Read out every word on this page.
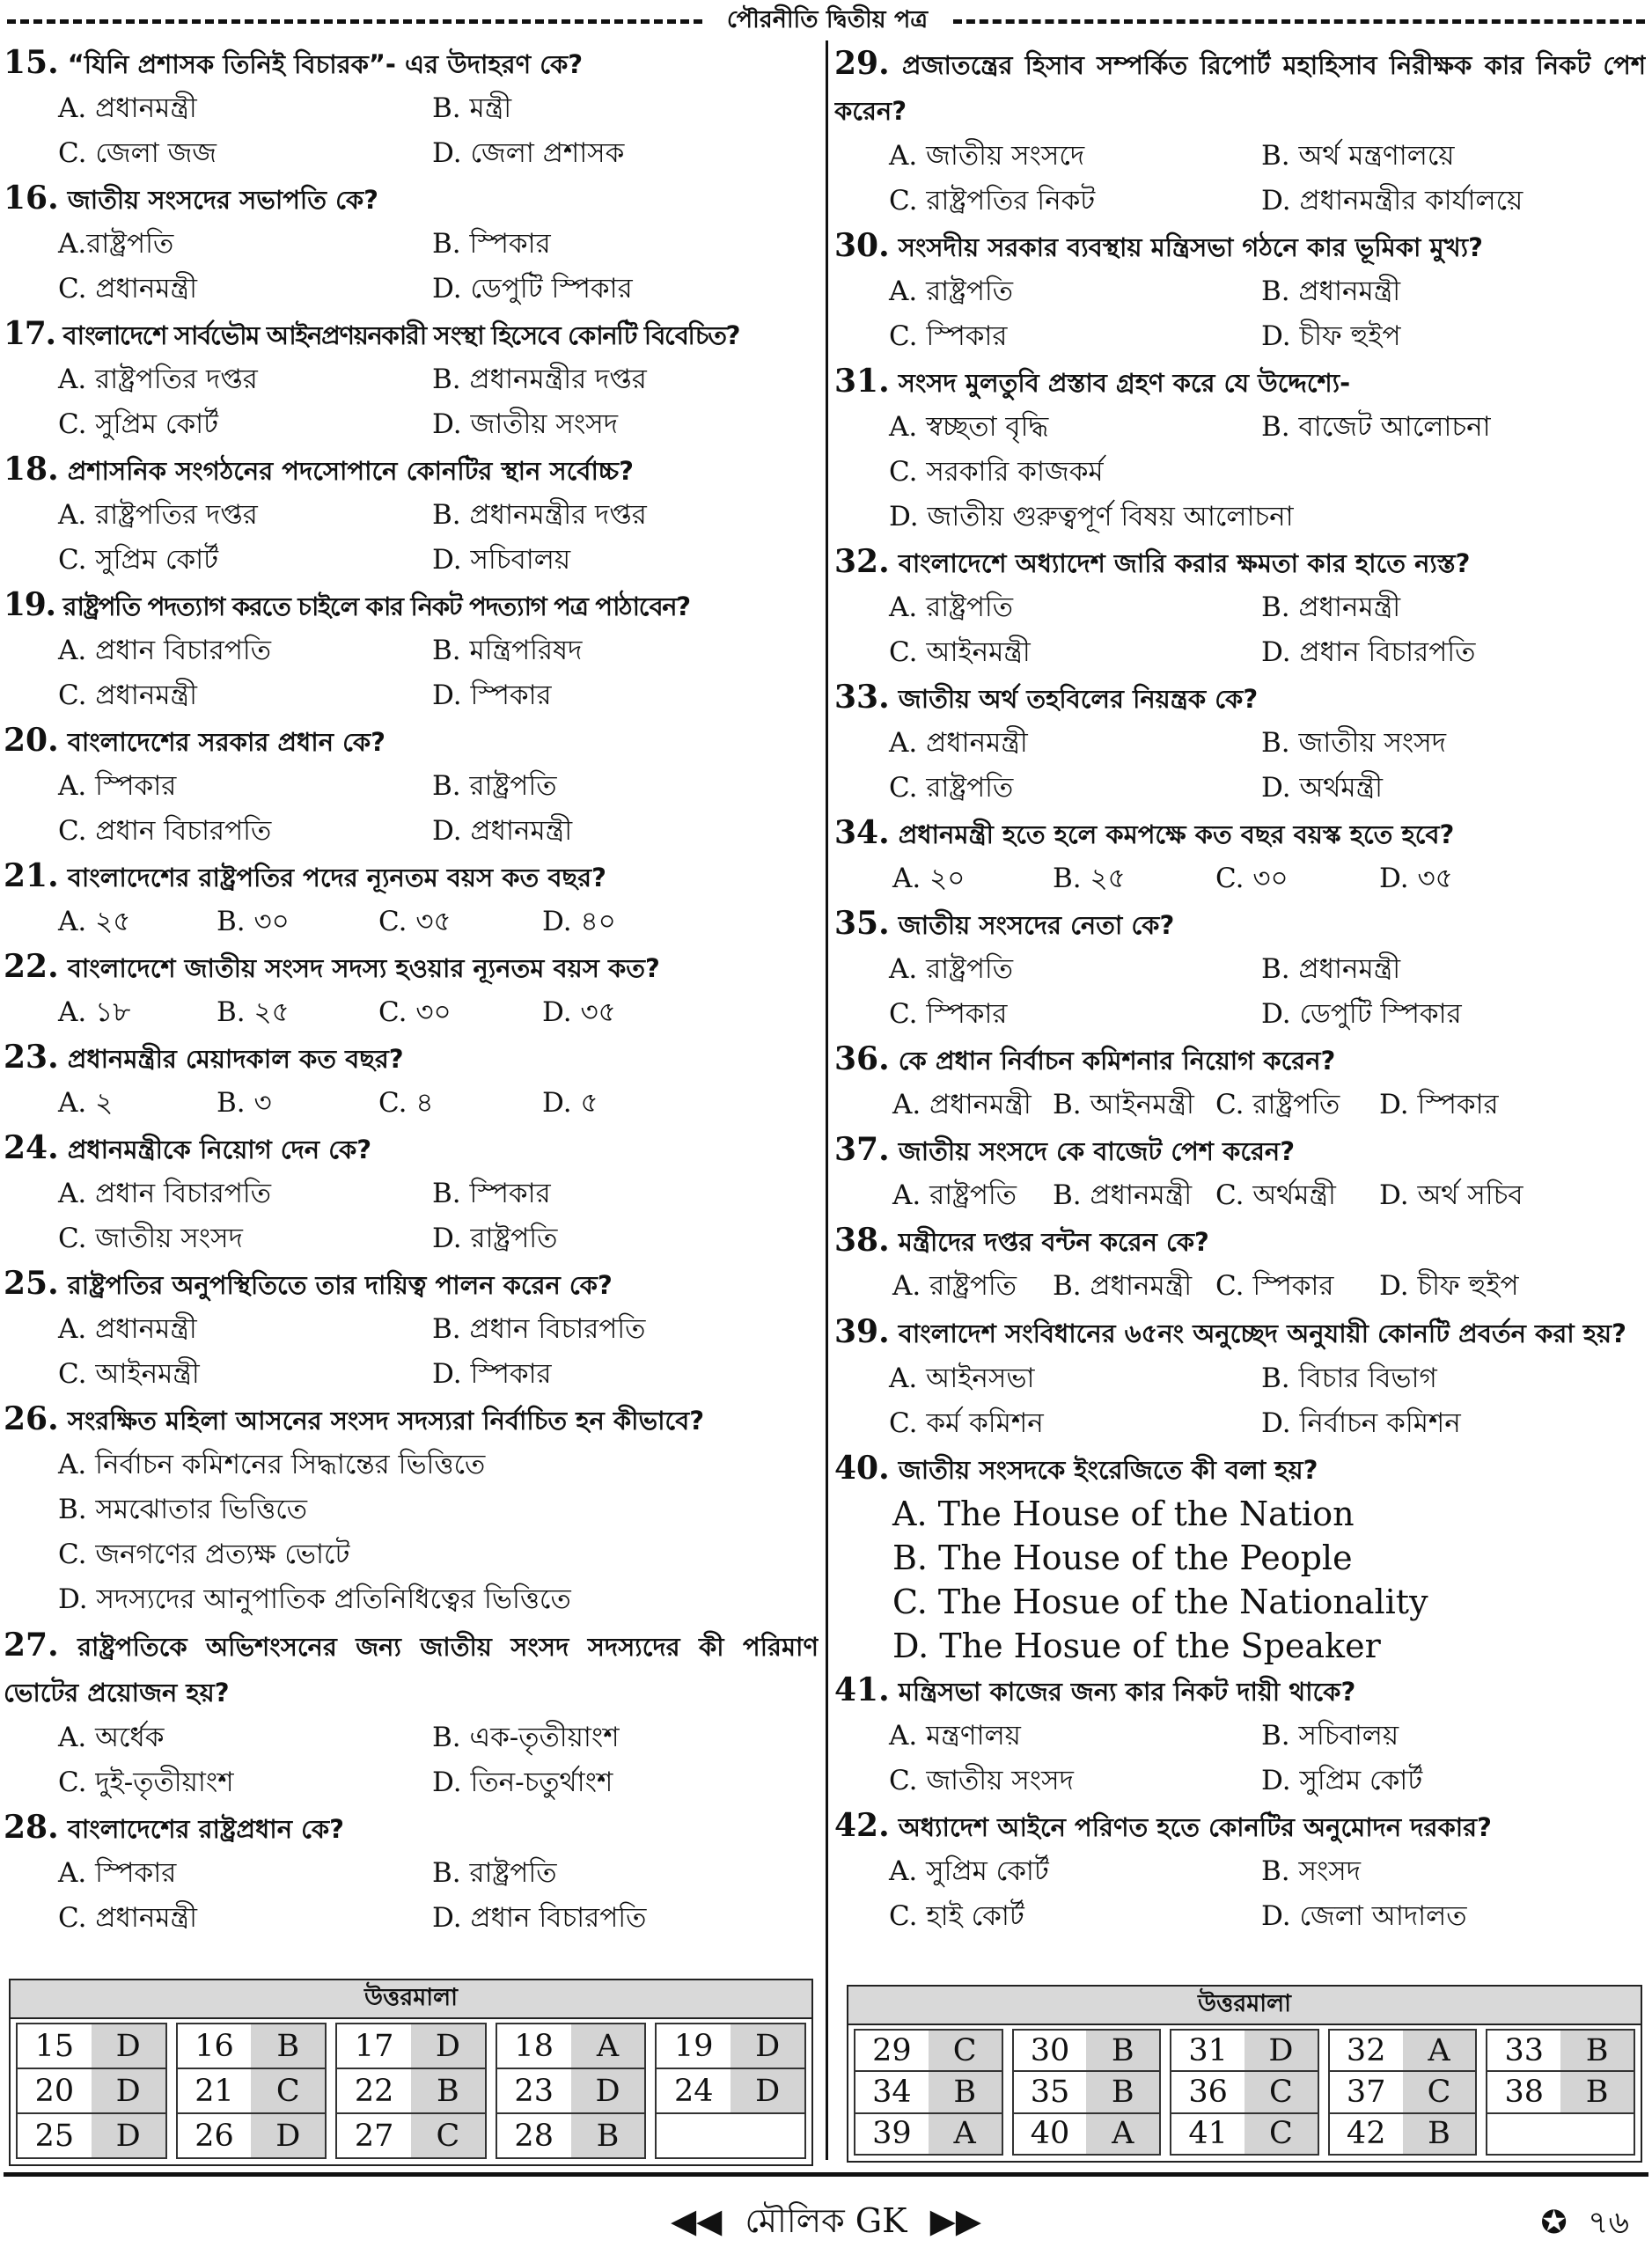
পৌরনীতি দ্বিতীয় পত্র
15. “যিনি প্রশাসক তিনিই বিচারক”- এর উদাহরণ কে?
A. প্রধানমন্ত্রী	B. মন্ত্রী
C. জেলা জজ	D. জেলা প্রশাসক
16. জাতীয় সংসদের সভাপতি কে?
A.রাষ্ট্রপতি	B. স্পিকার
C. প্রধানমন্ত্রী	D. ডেপুটি স্পিকার
17. বাংলাদেশে সার্বভৌম আইনপ্রণয়নকারী সংস্থা হিসেবে কোনটি বিবেচিত?
A. রাষ্ট্রপতির দপ্তর	B. প্রধানমন্ত্রীর দপ্তর
C. সুপ্রিম কোর্ট	D. জাতীয় সংসদ
18. প্রশাসনিক সংগঠনের পদসোপানে কোনটির স্থান সর্বোচ্চ?
A. রাষ্ট্রপতির দপ্তর	B. প্রধানমন্ত্রীর দপ্তর
C. সুপ্রিম কোর্ট	D. সচিবালয়
19. রাষ্ট্রপতি পদত্যাগ করতে চাইলে কার নিকট পদত্যাগ পত্র পাঠাবেন?
A. প্রধান বিচারপতি	B. মন্ত্রিপরিষদ
C. প্রধানমন্ত্রী	D. স্পিকার
20. বাংলাদেশের সরকার প্রধান কে?
A. স্পিকার	B. রাষ্ট্রপতি
C. প্রধান বিচারপতি	D. প্রধানমন্ত্রী
21. বাংলাদেশের রাষ্ট্রপতির পদের ন্যূনতম বয়স কত বছর?
A. ২৫	B. ৩০	C. ৩৫	D. ৪০
22. বাংলাদেশে জাতীয় সংসদ সদস্য হওয়ার ন্যূনতম বয়স কত?
A. ১৮	B. ২৫	C. ৩০	D. ৩৫
23. প্রধানমন্ত্রীর মেয়াদকাল কত বছর?
A. ২	B. ৩	C. ৪	D. ৫
24. প্রধানমন্ত্রীকে নিয়োগ দেন কে?
A. প্রধান বিচারপতি	B. স্পিকার
C. জাতীয় সংসদ	D. রাষ্ট্রপতি
25. রাষ্ট্রপতির অনুপস্থিতিতে তার দায়িত্ব পালন করেন কে?
A. প্রধানমন্ত্রী	B. প্রধান বিচারপতি
C. আইনমন্ত্রী	D. স্পিকার
26. সংরক্ষিত মহিলা আসনের সংসদ সদস্যরা নির্বাচিত হন কীভাবে?
A. নির্বাচন কমিশনের সিদ্ধান্তের ভিত্তিতে
B. সমঝোতার ভিত্তিতে
C. জনগণের প্রত্যক্ষ ভোটে
D. সদস্যদের আনুপাতিক প্রতিনিধিত্বের ভিত্তিতে
27. রাষ্ট্রপতিকে অভিশংসনের জন্য জাতীয় সংসদ সদস্যদের কী পরিমাণ ভোটের প্রয়োজন হয়?
A. অর্ধেক	B. এক-তৃতীয়াংশ
C. দুই-তৃতীয়াংশ	D. তিন-চতুর্থাংশ
28. বাংলাদেশের রাষ্ট্রপ্রধান কে?
A. স্পিকার	B. রাষ্ট্রপতি
C. প্রধানমন্ত্রী	D. প্রধান বিচারপতি
29. প্রজাতন্ত্রের হিসাব সম্পর্কিত রিপোর্ট মহাহিসাব নিরীক্ষক কার নিকট পেশ করেন?
A. জাতীয় সংসদে	B. অর্থ মন্ত্রণালয়ে
C. রাষ্ট্রপতির নিকট	D. প্রধানমন্ত্রীর কার্যালয়ে
30. সংসদীয় সরকার ব্যবস্থায় মন্ত্রিসভা গঠনে কার ভূমিকা মুখ্য?
A. রাষ্ট্রপতি	B. প্রধানমন্ত্রী
C. স্পিকার	D. চীফ হুইপ
31. সংসদ মুলতুবি প্রস্তাব গ্রহণ করে যে উদ্দেশ্যে-
A. স্বচ্ছতা বৃদ্ধি	B. বাজেট আলোচনা
C. সরকারি কাজকর্ম
D. জাতীয় গুরুত্বপূর্ণ বিষয় আলোচনা
32. বাংলাদেশে অধ্যাদেশ জারি করার ক্ষমতা কার হাতে ন্যস্ত?
A. রাষ্ট্রপতি	B. প্রধানমন্ত্রী
C. আইনমন্ত্রী	D. প্রধান বিচারপতি
33. জাতীয় অর্থ তহবিলের নিয়ন্ত্রক কে?
A. প্রধানমন্ত্রী	B. জাতীয় সংসদ
C. রাষ্ট্রপতি	D. অর্থমন্ত্রী
34. প্রধানমন্ত্রী হতে হলে কমপক্ষে কত বছর বয়স্ক হতে হবে?
A. ২০	B. ২৫	C. ৩০	D. ৩৫
35. জাতীয় সংসদের নেতা কে?
A. রাষ্ট্রপতি	B. প্রধানমন্ত্রী
C. স্পিকার	D. ডেপুটি স্পিকার
36. কে প্রধান নির্বাচন কমিশনার নিয়োগ করেন?
A. প্রধানমন্ত্রী B. আইনমন্ত্রী C. রাষ্ট্রপতি	D. স্পিকার
37. জাতীয় সংসদে কে বাজেট পেশ করেন?
A. রাষ্ট্রপতি	B. প্রধানমন্ত্রী C. অর্থমন্ত্রী	D. অর্থ সচিব
38. মন্ত্রীদের দপ্তর বন্টন করেন কে?
A. রাষ্ট্রপতি	B. প্রধানমন্ত্রী C. স্পিকার	D. চীফ হুইপ
39. বাংলাদেশ সংবিধানের ৬৫নং অনুচ্ছেদ অনুযায়ী কোনটি প্রবর্তন করা হয়?
A. আইনসভা	B. বিচার বিভাগ
C. কর্ম কমিশন	D. নির্বাচন কমিশন
40. জাতীয় সংসদকে ইংরেজিতে কী বলা হয়?
A. The House of the Nation
B. The House of the People
C. The Hosue of the Nationality
D. The Hosue of the Speaker
41. মন্ত্রিসভা কাজের জন্য কার নিকট দায়ী থাকে?
A. মন্ত্রণালয়	B. সচিবালয়
C. জাতীয় সংসদ	D. সুপ্রিম কোর্ট
42. অধ্যাদেশ আইনে পরিণত হতে কোনটির অনুমোদন দরকার?
A. সুপ্রিম কোর্ট	B. সংসদ
C. হাই কোর্ট	D. জেলা আদালত
উত্তরমালা
15	D	16	B	17	D	18	A	19	D
20	D	21	C	22	B	23	D	24	D
25	D	26	D	27	C	28	B
উত্তরমালা
29	C	30	B	31	D	32	A	33	B
34	B	35	B	36	C	37	C	38	B
39	A	40	A	41	C	42	B
◀◀ মৌলিক GK ▶▶	✪ ৭৬
